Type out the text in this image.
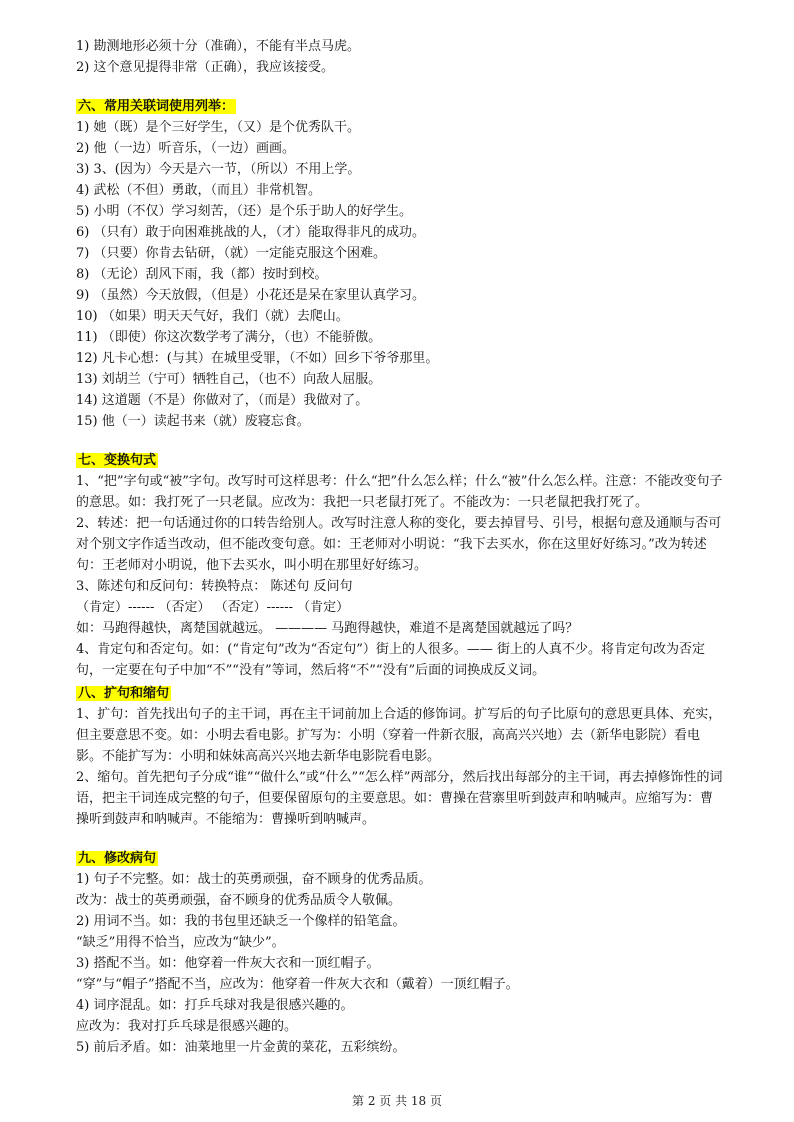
1) 勘测地形必须十分（准确），不能有半点马虎。
2) 这个意见提得非常（正确），我应该接受。
六、常用关联词使用列举：
1) 她（既）是个三好学生，（又）是个优秀队干。
2) 他（一边）听音乐，（一边）画画。
3) 3、(因为）今天是六一节，（所以）不用上学。
4) 武松（不但）勇敢，（而且）非常机智。
5) 小明（不仅）学习刻苦，（还）是个乐于助人的好学生。
6) （只有）敢于向困难挑战的人，（才）能取得非凡的成功。
7) （只要）你肯去钻研，（就）一定能克服这个困难。
8) （无论）刮风下雨，我（都）按时到校。
9) （虽然）今天放假，（但是）小花还是呆在家里认真学习。
10) （如果）明天天气好，我们（就）去爬山。
11) （即使）你这次数学考了满分，（也）不能骄傲。
12) 凡卡心想：(与其）在城里受罪，（不如）回乡下爷爷那里。
13) 刘胡兰（宁可）牺牲自己，（也不）向敌人屈服。
14) 这道题（不是）你做对了，（而是）我做对了。
15) 他（一）读起书来（就）废寝忘食。
七、变换句式
1、“把”字句或“被”字句。改写时可这样思考：什么“把”什么怎么样；什么“被”什么怎么样。注意：不能改变句子的意思。如：我打死了一只老鼠。应改为：我把一只老鼠打死了。不能改为：一只老鼠把我打死了。
2、转述：把一句话通过你的口转告给别人。改写时注意人称的变化，要去掉冒号、引号，根据句意及通顺与否可对个别文字作适当改动，但不能改变句意。如：王老师对小明说：“我下去买水，你在这里好好练习。”改为转述句：王老师对小明说，他下去买水，叫小明在那里好好练习。
3、陈述句和反问句：转换特点： 陈述句 反问句
（肯定）------ （否定） （否定）------ （肯定）
如：马跑得越快，离楚国就越远。 ———— 马跑得越快，难道不是离楚国就越远了吗？
4、肯定句和否定句。如：(“肯定句”改为“否定句”）街上的人很多。—— 街上的人真不少。将肯定句改为否定句，一定要在句子中加“不”“没有”等词，然后将“不”“没有”后面的词换成反义词。
八、扩句和缩句
1、扩句：首先找出句子的主干词，再在主干词前加上合适的修饰词。扩写后的句子比原句的意思更具体、充实，但主要意思不变。如：小明去看电影。扩写为：小明（穿着一件新衣服，高高兴兴地）去（新华电影院）看电影。不能扩写为：小明和妹妹高高兴兴地去新华电影院看电影。
2、缩句。首先把句子分成“谁”“做什么”或“什么”“怎么样”两部分，然后找出每部分的主干词，再去掉修饰性的词语，把主干词连成完整的句子，但要保留原句的主要意思。如：曹操在营寨里听到鼓声和呐喊声。应缩写为：曹操听到鼓声和呐喊声。不能缩为：曹操听到呐喊声。
九、修改病句
1) 句子不完整。如：战士的英勇顽强，奋不顾身的优秀品质。
改为：战士的英勇顽强，奋不顾身的优秀品质令人敬佩。
2) 用词不当。如：我的书包里还缺乏一个像样的铅笔盒。
“缺乏”用得不恰当，应改为“缺少”。
3) 搭配不当。如：他穿着一件灰大衣和一顶红帽子。
“穿”与“帽子”搭配不当，应改为：他穿着一件灰大衣和（戴着）一顶红帽子。
4) 词序混乱。如：打乒乓球对我是很感兴趣的。
应改为：我对打乒乓球是很感兴趣的。
5) 前后矛盾。如：油菜地里一片金黄的菜花，五彩缤纷。
第 2 页 共 18 页
